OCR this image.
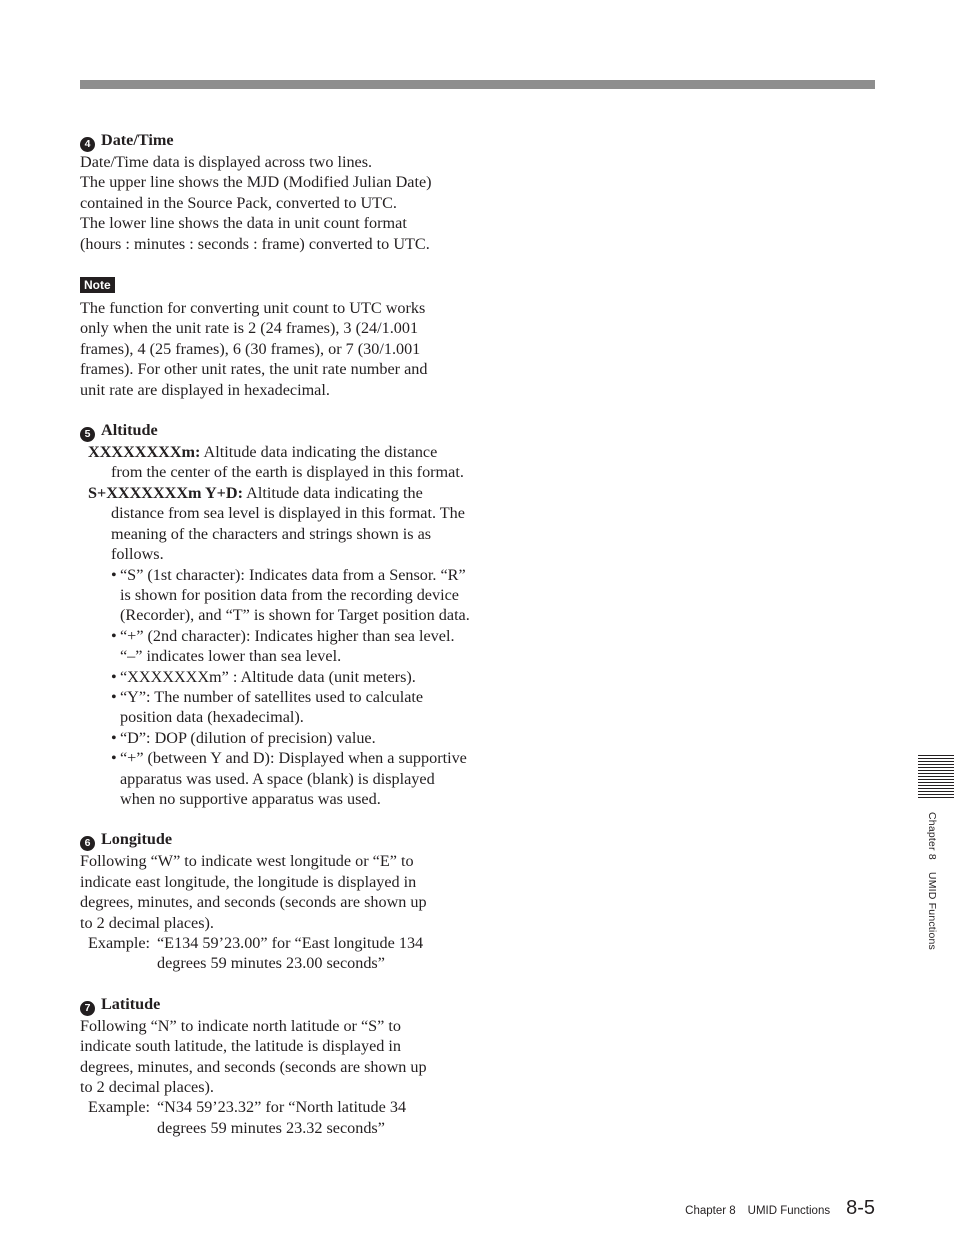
4 Date/Time

Date/Time data is displayed across two lines.

The upper line shows the MJD (Modified Julian Date)

contained in the Source Pack, converted to UTC.

The lower line shows the data in unit count format

(hours : minutes : seconds : frame) converted to UTC.

Note

The function for converting unit count to UTC works

only when the unit rate is 2 (24 frames), 3 (24/1.001

frames), 4 (25 frames), 6 (30 frames), or 7 (30/1.001

frames). For other unit rates, the unit rate number and

unit rate are displayed in hexadecimal.

5 Altitude

XXXXXXXXm: Altitude data indicating the distance from the center of the earth is displayed in this format.

S+XXXXXXXm Y+D: Altitude data indicating the distance from sea level is displayed in this format. The meaning of the characters and strings shown is as follows.

• “S” (1st character): Indicates data from a Sensor. “R” is shown for position data from the recording device (Recorder), and “T” is shown for Target position data.
• “+” (2nd character): Indicates higher than sea level. “–” indicates lower than sea level.
• “XXXXXXXm” : Altitude data (unit meters).
• “Y”: The number of satellites used to calculate position data (hexadecimal).
• “D”: DOP (dilution of precision) value.
• “+” (between Y and D): Displayed when a supportive apparatus was used. A space (blank) is displayed when no supportive apparatus was used.

6 Longitude

Following “W” to indicate west longitude or “E” to

indicate east longitude, the longitude is displayed in

degrees, minutes, and seconds (seconds are shown up

to 2 decimal places).

Example: “E134 59’23.00” for “East longitude 134
degrees 59 minutes 23.00 seconds”

7 Latitude

Following “N” to indicate north latitude or “S” to

indicate south latitude, the latitude is displayed in

degrees, minutes, and seconds (seconds are shown up

to 2 decimal places).

Example: “N34 59’23.32” for “North latitude 34
degrees 59 minutes 23.32 seconds”
Chapter 8UMID Functions
Chapter 8 UMID Functions 8-5
